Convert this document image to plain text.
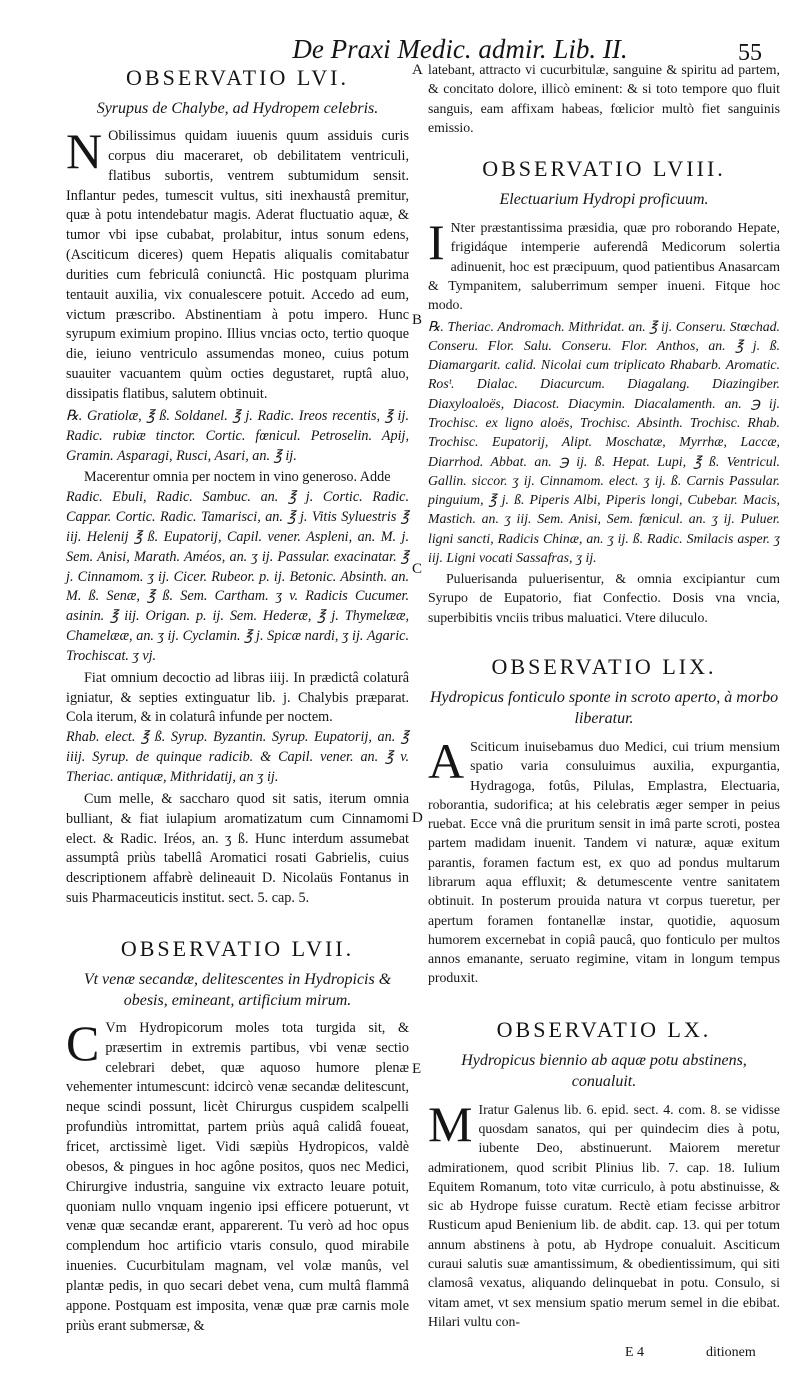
De Praxi Medic. admir. Lib. II.	55
A
B
C
D
E
OBSERVATIO LVI.
Syrupus de Chalybe, ad Hydropem celebris.

N Obilissimus quidam iuuenis quum assiduis curis corpus diu maceraret, ob debilitatem ventriculi, flatibus subortis, ventrem subtumidum sensit. Inflantur pedes, tumescit vultus, siti inexhaustâ premitur, quæ à potu intendebatur magis. Aderat fluctuatio aquæ, & tumor vbi ipse cubabat, prolabitur, intus sonum edens, (Asciticum diceres) quem Hepatis aliqualis comitabatur durities cum febriculâ coniunctâ. Hic postquam plurima tentauit auxilia, vix conualescere potuit. Accedo ad eum, victum præscribo. Abstinentiam à potu impero. Hunc syrupum eximium propino. Illius vncias octo, tertio quoque die, ieiuno ventriculo assumendas moneo, cuius potum suauiter vacuantem quùm octies degustaret, ruptâ aluo, dissipatis flatibus, salutem obtinuit.

℞. Gratiolæ, ℥ ß. Soldanel. ℥ j. Radic. Ireos recentis, ℥ ij. Radic. rubiæ tinctor. Cortic. fœnicul. Petroselin. Apij, Gramin. Asparagi, Rusci, Asari, an. ℥ ij.

Macerentur omnia per noctem in vino generoso. Adde

Radic. Ebuli, Radic. Sambuc. an. ℥ j. Cortic. Radic. Cappar. Cortic. Radic. Tamarisci, an. ℥ j. Vitis Syluestris ℥ iij. Helenij ℥ ß. Eupatorij, Capil. vener. Aspleni, an. M. j. Sem. Anisi, Marath. Améos, an. ʒ ij. Passular. exacinatar. ℥ j. Cinnamom. ʒ ij. Cicer. Rubeor. p. ij. Betonic. Absinth. an. M. ß. Senæ, ℥ ß. Sem. Cartham. ʒ v. Radicis Cucumer. asinin. ℥ iij. Origan. p. ij. Sem. Hederæ, ℥ j. Thymelææ, Chamelææ, an. ʒ ij. Cyclamin. ℥ j. Spicæ nardi, ʒ ij. Agaric. Trochiscat. ʒ vj.

Fiat omnium decoctio ad libras iiij. In prædictâ colaturâ igniatur, & septies extinguatur lib. j. Chalybis præparat. Cola iterum, & in colaturâ infunde per noctem.

Rhab. elect. ℥ ß. Syrup. Byzantin. Syrup. Eupatorij, an. ℥ iiij. Syrup. de quinque radicib. & Capil. vener. an. ℥ v. Theriac. antiquæ, Mithridatij, an ʒ ij.

Cum melle, & saccharo quod sit satis, iterum omnia bulliant, & fiat iulapium aromatizatum cum Cinnamomi elect. & Radic. Iréos, an. ʒ ß. Hunc interdum assumebat assumptâ priùs tabellâ Aromatici rosati Gabrielis, cuius descriptionem affabrè delineauit D. Nicolaüs Fontanus in suis Pharmaceuticis institut. sect. 5. cap. 5.

OBSERVATIO LVII.
Vt venæ secandæ, delitescentes in Hydropicis & obesis, emineant, artificium mirum.

C Vm Hydropicorum moles tota turgida sit, & præsertim in extremis partibus, vbi venæ sectio celebrari debet, quæ aquoso humore plenæ vehementer intumescunt: idcircò venæ secandæ delitescunt, neque scindi possunt, licèt Chirurgus cuspidem scalpelli profundiùs intromittat, partem priùs aquâ calidâ foueat, fricet, arctissimè liget. Vidi sæpiùs Hydropicos, valdè obesos, & pingues in hoc agône positos, quos nec Medici, Chirurgive industria, sanguine vix extracto leuare potuit, quoniam nullo vnquam ingenio ipsi efficere potuerunt, vt venæ quæ secandæ erant, apparerent. Tu verò ad hoc opus complendum hoc artificio vtaris consulo, quod mirabile inuenies. Cucurbitulam magnam, vel volæ manûs, vel plantæ pedis, in quo secari debet vena, cum multâ flammâ appone. Postquam est imposita, venæ quæ præ carnis mole priùs erant submersæ, &

latebant, attracto vi cucurbitulæ, sanguine & spiritu ad partem, & concitato dolore, illicò eminent: & si toto tempore quo fluit sanguis, eam affixam habeas, fœlicior multò fiet sanguinis emissio.

OBSERVATIO LVIII.
Electuarium Hydropi proficuum.

I Nter præstantissima præsidia, quæ pro roborando Hepate, frigidáque intemperie auferendâ Medicorum solertia adinuenit, hoc est præcipuum, quod patientibus Anasarcam & Tympanitem, saluberrimum semper inueni. Fitque hoc modo.

℞. Theriac. Andromach. Mithridat. an. ℥ ij. Conseru. Stœchad. Conseru. Flor. Salu. Conseru. Flor. Anthos, an. ℥ j. ß. Diamargarit. calid. Nicolai cum triplicato Rhabarb. Aromatic. Rosᵗ. Dialac. Diacurcum. Diagalang. Diazingiber. Diaxyloaloës, Diacost. Diacymin. Diacalamenth. an. ℈ ij. Trochisc. ex ligno aloës, Trochisc. Absinth. Trochisc. Rhab. Trochisc. Eupatorij, Alipt. Moschatæ, Myrrhæ, Laccæ, Diarrhod. Abbat. an. ℈ ij. ß. Hepat. Lupi, ℥ ß. Ventricul. Gallin. siccor. ʒ ij. Cinnamom. elect. ʒ ij. ß. Carnis Passular. pinguium, ℥ j. ß. Piperis Albi, Piperis longi, Cubebar. Macis, Mastich. an. ʒ iij. Sem. Anisi, Sem. fœnicul. an. ʒ ij. Puluer. ligni sancti, Radicis Chinæ, an. ʒ ij. ß. Radic. Smilacis asper. ʒ iij. Ligni vocati Sassafras, ʒ ij.

Puluerisanda puluerisentur, & omnia excipiantur cum Syrupo de Eupatorio, fiat Confectio. Dosis vna vncia, superbibitis vnciis tribus maluatici. Vtere diluculo.

OBSERVATIO LIX.
Hydropicus fonticulo sponte in scroto aperto, à morbo liberatur.

A Sciticum inuisebamus duo Medici, cui trium mensium spatio varia consuluimus auxilia, expurgantia, Hydragoga, fotûs, Pilulas, Emplastra, Electuaria, roborantia, sudorifica; at his celebratis æger semper in peius ruebat. Ecce vnâ die pruritum sensit in imâ parte scroti, postea partem madidam inuenit. Tandem vi naturæ, aquæ exitum parantis, foramen factum est, ex quo ad pondus multarum librarum aqua effluxit; & detumescente ventre sanitatem obtinuit. In posterum prouida natura vt corpus tueretur, per apertum foramen fontanellæ instar, quotidie, aquosum humorem excernebat in copiâ paucâ, quo fonticulo per multos annos emanante, seruato regimine, vitam in longum tempus produxit.

OBSERVATIO LX.
Hydropicus biennio ab aquæ potu abstinens, conualuit.

M Iratur Galenus lib. 6. epid. sect. 4. com. 8. se vidisse quosdam sanatos, qui per quindecim dies à potu, iubente Deo, abstinuerunt. Maiorem meretur admirationem, quod scribit Plinius lib. 7. cap. 18. Iulium Equitem Romanum, toto vitæ curriculo, à potu abstinuisse, & sic ab Hydrope fuisse curatum. Rectè etiam fecisse arbitror Rusticum apud Benienium lib. de abdit. cap. 13. qui per totum annum abstinens à potu, ab Hydrope conualuit. Asciticum curaui salutis suæ amantissimum, & obedientissimum, qui siti clamosâ vexatus, aliquando delinquebat in potu. Consulo, si vitam amet, vt sex mensium spatio merum semel in die ebibat. Hilari vultu con-

E 4	ditionem
